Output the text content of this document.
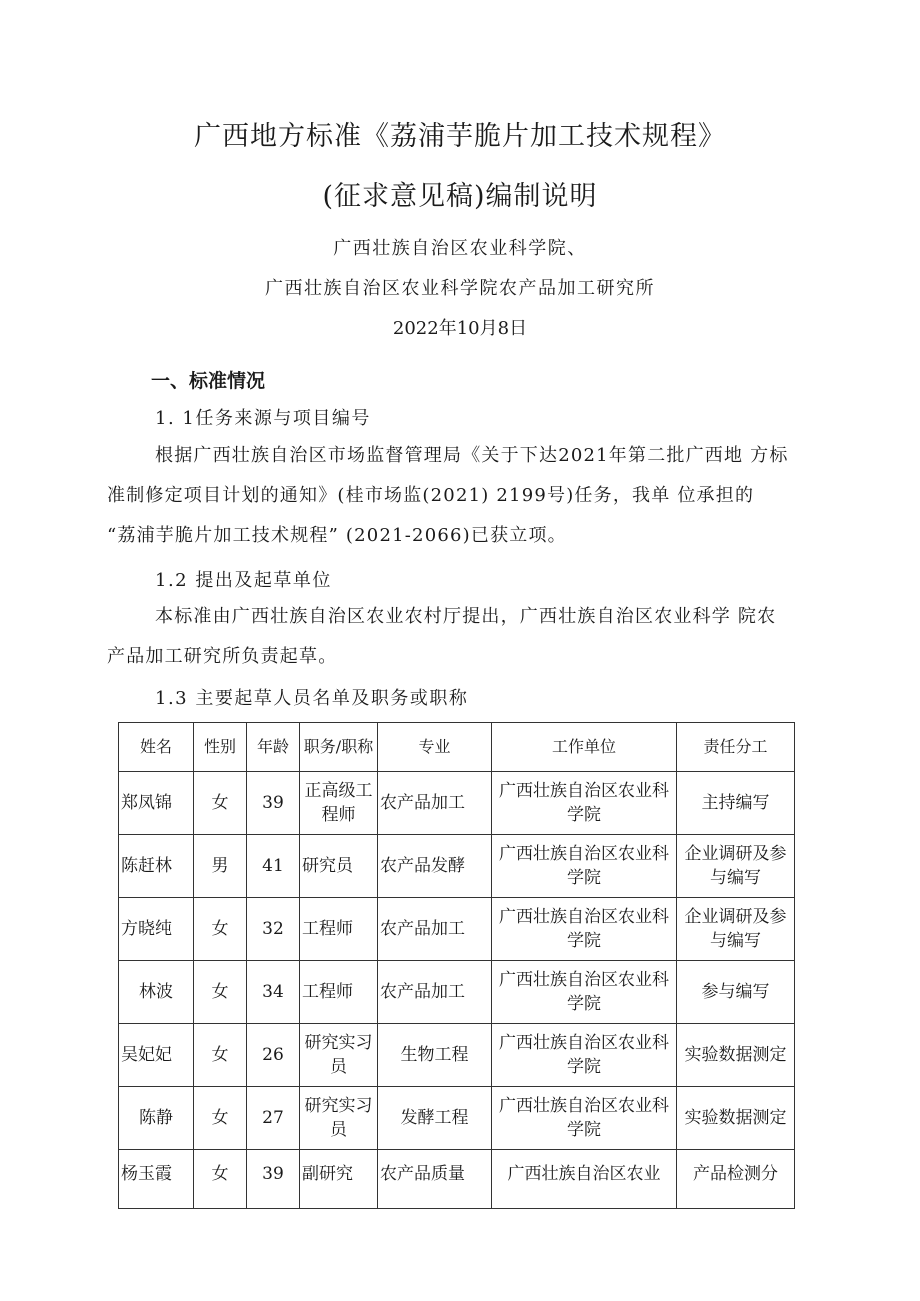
广西地方标准《荔浦芋脆片加工技术规程》
(征求意见稿)编制说明
广西壮族自治区农业科学院、
广西壮族自治区农业科学院农产品加工研究所
2022年10月8日
一、标准情况
1. 1任务来源与项目编号
根据广西壮族自治区市场监督管理局《关于下达2021年第二批广西地 方标
准制修定项目计划的通知》(桂市场监(2021) 2199号)任务，我单 位承担的
“荔浦芋脆片加工技术规程” (2021-2066)已获立项。
1.2 提出及起草单位
本标准由广西壮族自治区农业农村厅提出，广西壮族自治区农业科学 院农
产品加工研究所负责起草。
1.3 主要起草人员名单及职务或职称
姓名	性别	年龄	职务/职称	专业	工作单位	责任分工
郑凤锦	女	39	正高级工程师	农产品加工	广西壮族自治区农业科学院	主持编写
陈赶林	男	41	研究员	农产品发酵	广西壮族自治区农业科学院	企业调研及参与编写
方晓纯	女	32	工程师	农产品加工	广西壮族自治区农业科学院	企业调研及参与编写
林波	女	34	工程师	农产品加工	广西壮族自治区农业科学院	参与编写
吴妃妃	女	26	研究实习员	生物工程	广西壮族自治区农业科学院	实验数据测定
陈静	女	27	研究实习员	发酵工程	广西壮族自治区农业科学院	实验数据测定
杨玉霞	女	39	副研究	农产品质量	广西壮族自治区农业	产品检测分
